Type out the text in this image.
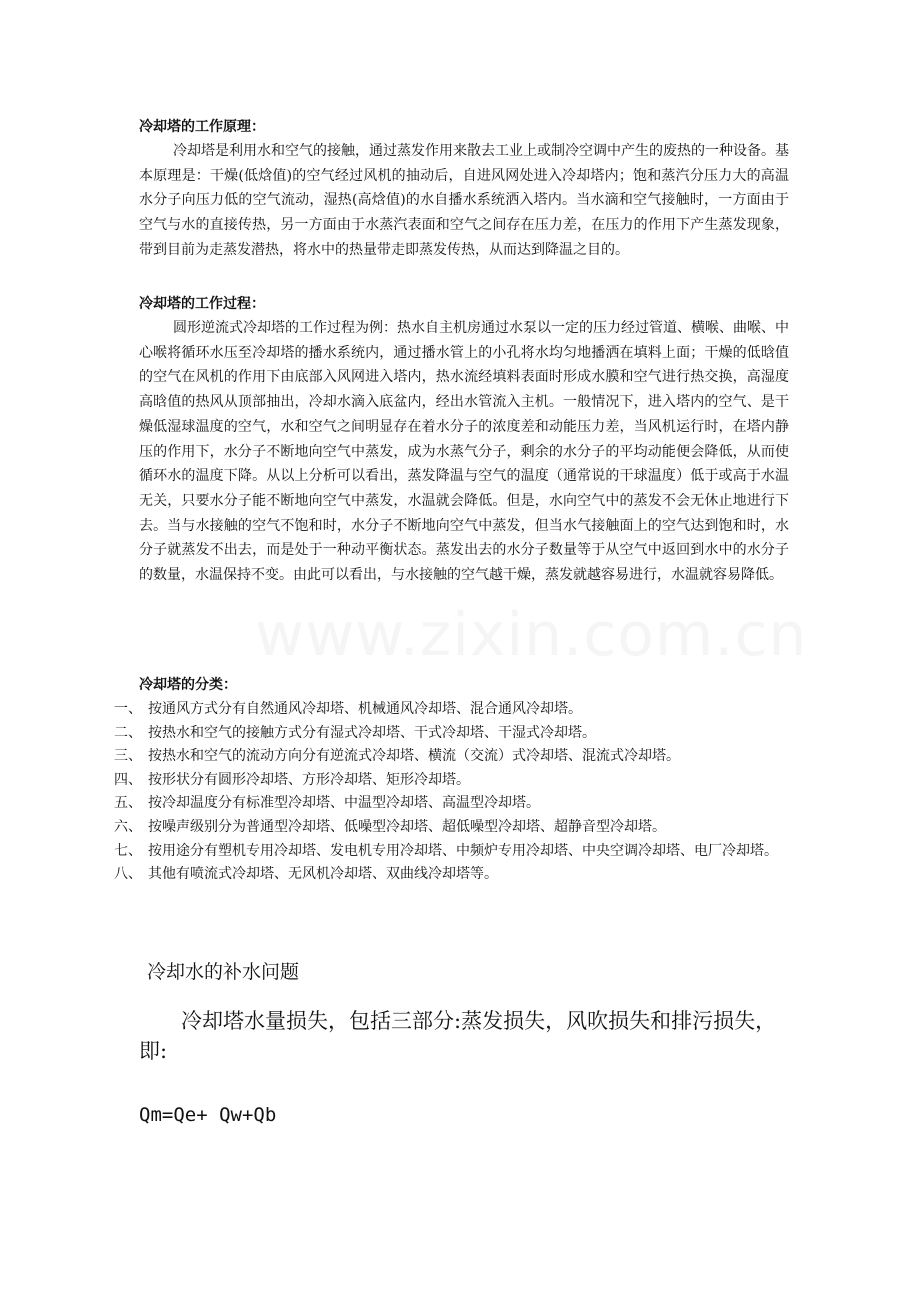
冷却塔的工作原理：

冷却塔是利用水和空气的接触，通过蒸发作用来散去工业上或制冷空调中产生的废热的一种设备。基本原理是：干燥(低焓值)的空气经过风机的抽动后，自进风网处进入冷却塔内；饱和蒸汽分压力大的高温水分子向压力低的空气流动，湿热(高焓值)的水自播水系统洒入塔内。当水滴和空气接触时，一方面由于空气与水的直接传热，另一方面由于水蒸汽表面和空气之间存在压力差，在压力的作用下产生蒸发现象，带到目前为走蒸发潜热，将水中的热量带走即蒸发传热，从而达到降温之目的。

冷却塔的工作过程：

圆形逆流式冷却塔的工作过程为例：热水自主机房通过水泵以一定的压力经过管道、横喉、曲喉、中心喉将循环水压至冷却塔的播水系统内，通过播水管上的小孔将水均匀地播洒在填料上面；干燥的低晗值的空气在风机的作用下由底部入风网进入塔内，热水流经填料表面时形成水膜和空气进行热交换，高湿度高晗值的热风从顶部抽出，冷却水滴入底盆内，经出水管流入主机。一般情况下，进入塔内的空气、是干燥低湿球温度的空气，水和空气之间明显存在着水分子的浓度差和动能压力差，当风机运行时，在塔内静压的作用下，水分子不断地向空气中蒸发，成为水蒸气分子，剩余的水分子的平均动能便会降低，从而使循环水的温度下降。从以上分析可以看出，蒸发降温与空气的温度（通常说的干球温度）低于或高于水温无关，只要水分子能不断地向空气中蒸发，水温就会降低。但是，水向空气中的蒸发不会无休止地进行下去。当与水接触的空气不饱和时，水分子不断地向空气中蒸发，但当水气接触面上的空气达到饱和时，水分子就蒸发不出去，而是处于一种动平衡状态。蒸发出去的水分子数量等于从空气中返回到水中的水分子的数量，水温保持不变。由此可以看出，与水接触的空气越干燥，蒸发就越容易进行，水温就容易降低。

冷却塔的分类：
一、 按通风方式分有自然通风冷却塔、机械通风冷却塔、混合通风冷却塔。
二、 按热水和空气的接触方式分有湿式冷却塔、干式冷却塔、干湿式冷却塔。
三、 按热水和空气的流动方向分有逆流式冷却塔、横流（交流）式冷却塔、混流式冷却塔。
四、 按形状分有圆形冷却塔、方形冷却塔、矩形冷却塔。
五、 按冷却温度分有标准型冷却塔、中温型冷却塔、高温型冷却塔。
六、 按噪声级别分为普通型冷却塔、低噪型冷却塔、超低噪型冷却塔、超静音型冷却塔。
七、 按用途分有塑机专用冷却塔、发电机专用冷却塔、中频炉专用冷却塔、中央空调冷却塔、电厂冷却塔。
八、 其他有喷流式冷却塔、无风机冷却塔、双曲线冷却塔等。
冷却水的补水问题

冷却塔水量损失，包括三部分:蒸发损失，风吹损失和排污损失，即:

Qm=Qe+ Qw+Qb

www.zixin.com.cn
